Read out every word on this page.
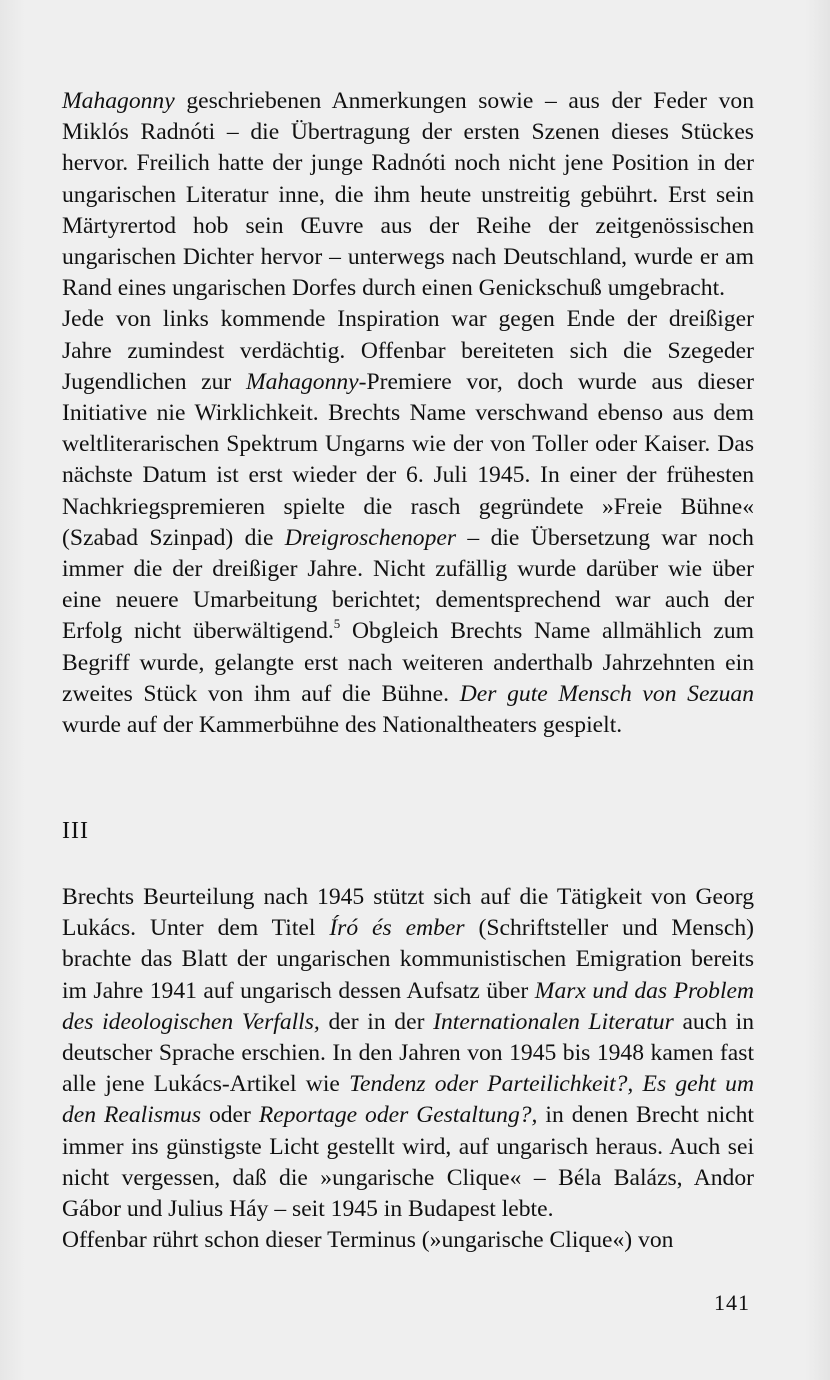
Mahagonny geschriebenen Anmerkungen sowie – aus der Feder von Miklós Radnóti – die Übertragung der ersten Szenen dieses Stückes hervor. Freilich hatte der junge Radnóti noch nicht jene Position in der ungarischen Literatur inne, die ihm heute unstreitig gebührt. Erst sein Märtyrertod hob sein Œuvre aus der Reihe der zeitgenössischen ungarischen Dichter hervor – unterwegs nach Deutschland, wurde er am Rand eines ungarischen Dorfes durch einen Genickschuß umgebracht.

Jede von links kommende Inspiration war gegen Ende der dreißiger Jahre zumindest verdächtig. Offenbar bereiteten sich die Szegeder Jugendlichen zur Mahagonny-Premiere vor, doch wurde aus dieser Initiative nie Wirklichkeit. Brechts Name verschwand ebenso aus dem weltliterarischen Spektrum Ungarns wie der von Toller oder Kaiser. Das nächste Datum ist erst wieder der 6. Juli 1945. In einer der frühesten Nachkriegspremieren spielte die rasch gegründete »Freie Bühne« (Szabad Szinpad) die Dreigroschenoper – die Übersetzung war noch immer die der dreißiger Jahre. Nicht zufällig wurde darüber wie über eine neuere Umarbeitung berichtet; dementsprechend war auch der Erfolg nicht überwältigend.$^5$ Obgleich Brechts Name allmählich zum Begriff wurde, gelangte erst nach weiteren anderthalb Jahrzehnten ein zweites Stück von ihm auf die Bühne. Der gute Mensch von Sezuan wurde auf der Kammerbühne des Nationaltheaters gespielt.

III

Brechts Beurteilung nach 1945 stützt sich auf die Tätigkeit von Georg Lukács. Unter dem Titel Író és ember (Schriftsteller und Mensch) brachte das Blatt der ungarischen kommunistischen Emigration bereits im Jahre 1941 auf ungarisch dessen Aufsatz über Marx und das Problem des ideologischen Verfalls, der in der Internationalen Literatur auch in deutscher Sprache erschien. In den Jahren von 1945 bis 1948 kamen fast alle jene Lukács-Artikel wie Tendenz oder Parteilichkeit?, Es geht um den Realismus oder Reportage oder Gestaltung?, in denen Brecht nicht immer ins günstigste Licht gestellt wird, auf ungarisch heraus. Auch sei nicht vergessen, daß die »ungarische Clique« – Béla Balázs, Andor Gábor und Julius Háy – seit 1945 in Budapest lebte.

Offenbar rührt schon dieser Terminus (»ungarische Clique«) von

141
